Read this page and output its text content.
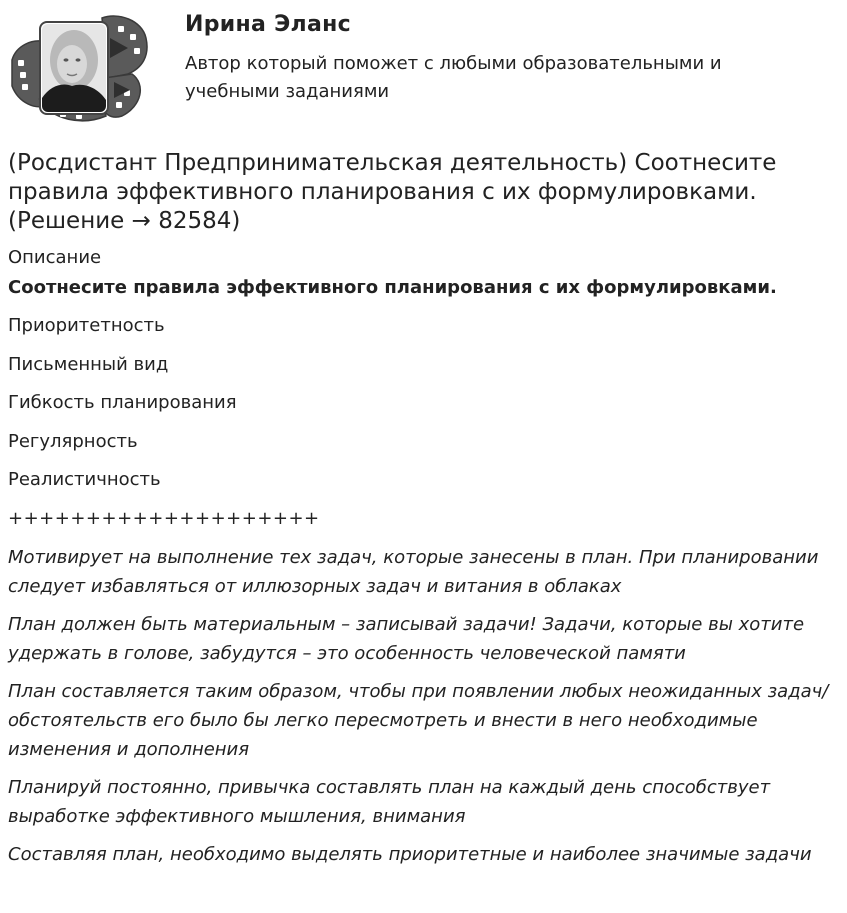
Ирина Эланс
Автор который поможет с любыми образовательными и учебными заданиями
(Росдистант Предпринимательская деятельность) Соотнесите правила эффективного планирования с их формулировками. (Решение → 82584)
Описание
Соотнесите правила эффективного планирования с их формулировками.
Приоритетность
Письменный вид
Гибкость планирования
Регулярность
Реалистичность
++++++++++++++++++++
Мотивирует на выполнение тех задач, которые занесены в план. При планировании следует избавляться от иллюзорных задач и витания в облаках
План должен быть материальным – записывай задачи! Задачи, которые вы хотите удержать в голове, забудутся – это особенность человеческой памяти
План составляется таким образом, чтобы при появлении любых неожиданных задач/обстоятельств его было бы легко пересмотреть и внести в него необходимые изменения и дополнения
Планируй постоянно, привычка составлять план на каждый день способствует выработке эффективного мышления, внимания
Составляя план, необходимо выделять приоритетные и наиболее значимые задачи
